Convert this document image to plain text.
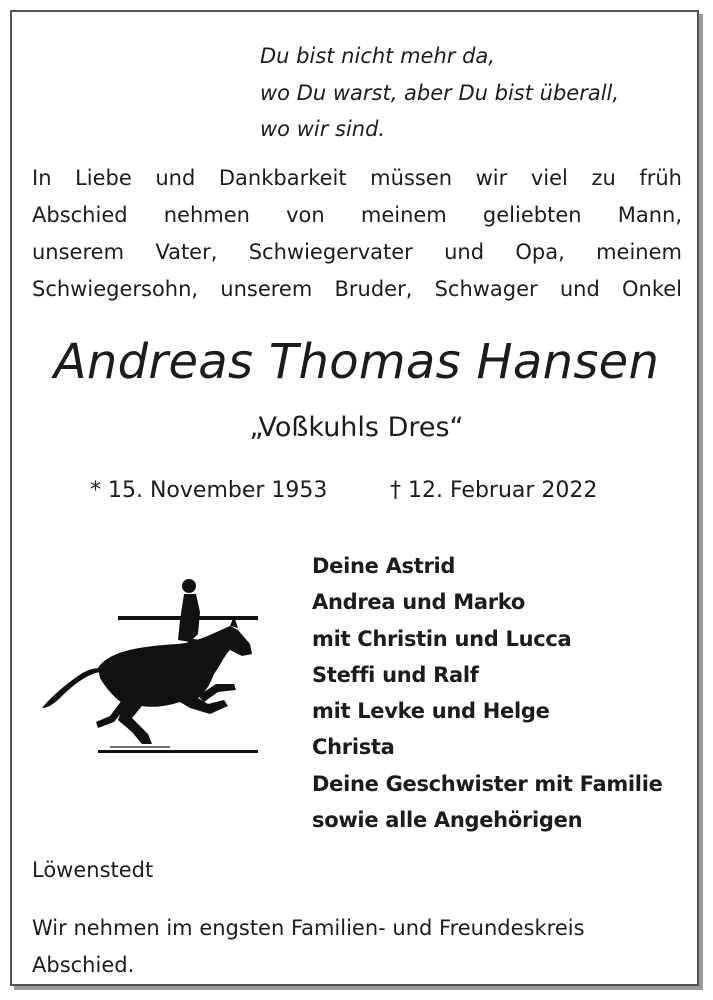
Du bist nicht mehr da,
wo Du warst, aber Du bist überall,
wo wir sind.
In Liebe und Dankbarkeit müssen wir viel zu früh
Abschied nehmen von meinem geliebten Mann,
unserem Vater, Schwiegervater und Opa, meinem
Schwiegersohn, unserem Bruder, Schwager und Onkel
Andreas Thomas Hansen
„Voßkuhls Dres“
* 15. November 1953	† 12. Februar 2022
Deine Astrid
Andrea und Marko
mit Christin und Lucca
Steffi und Ralf
mit Levke und Helge
Christa
Deine Geschwister mit Familie
sowie alle Angehörigen
Löwenstedt
Wir nehmen im engsten Familien- und Freundeskreis
Abschied.
